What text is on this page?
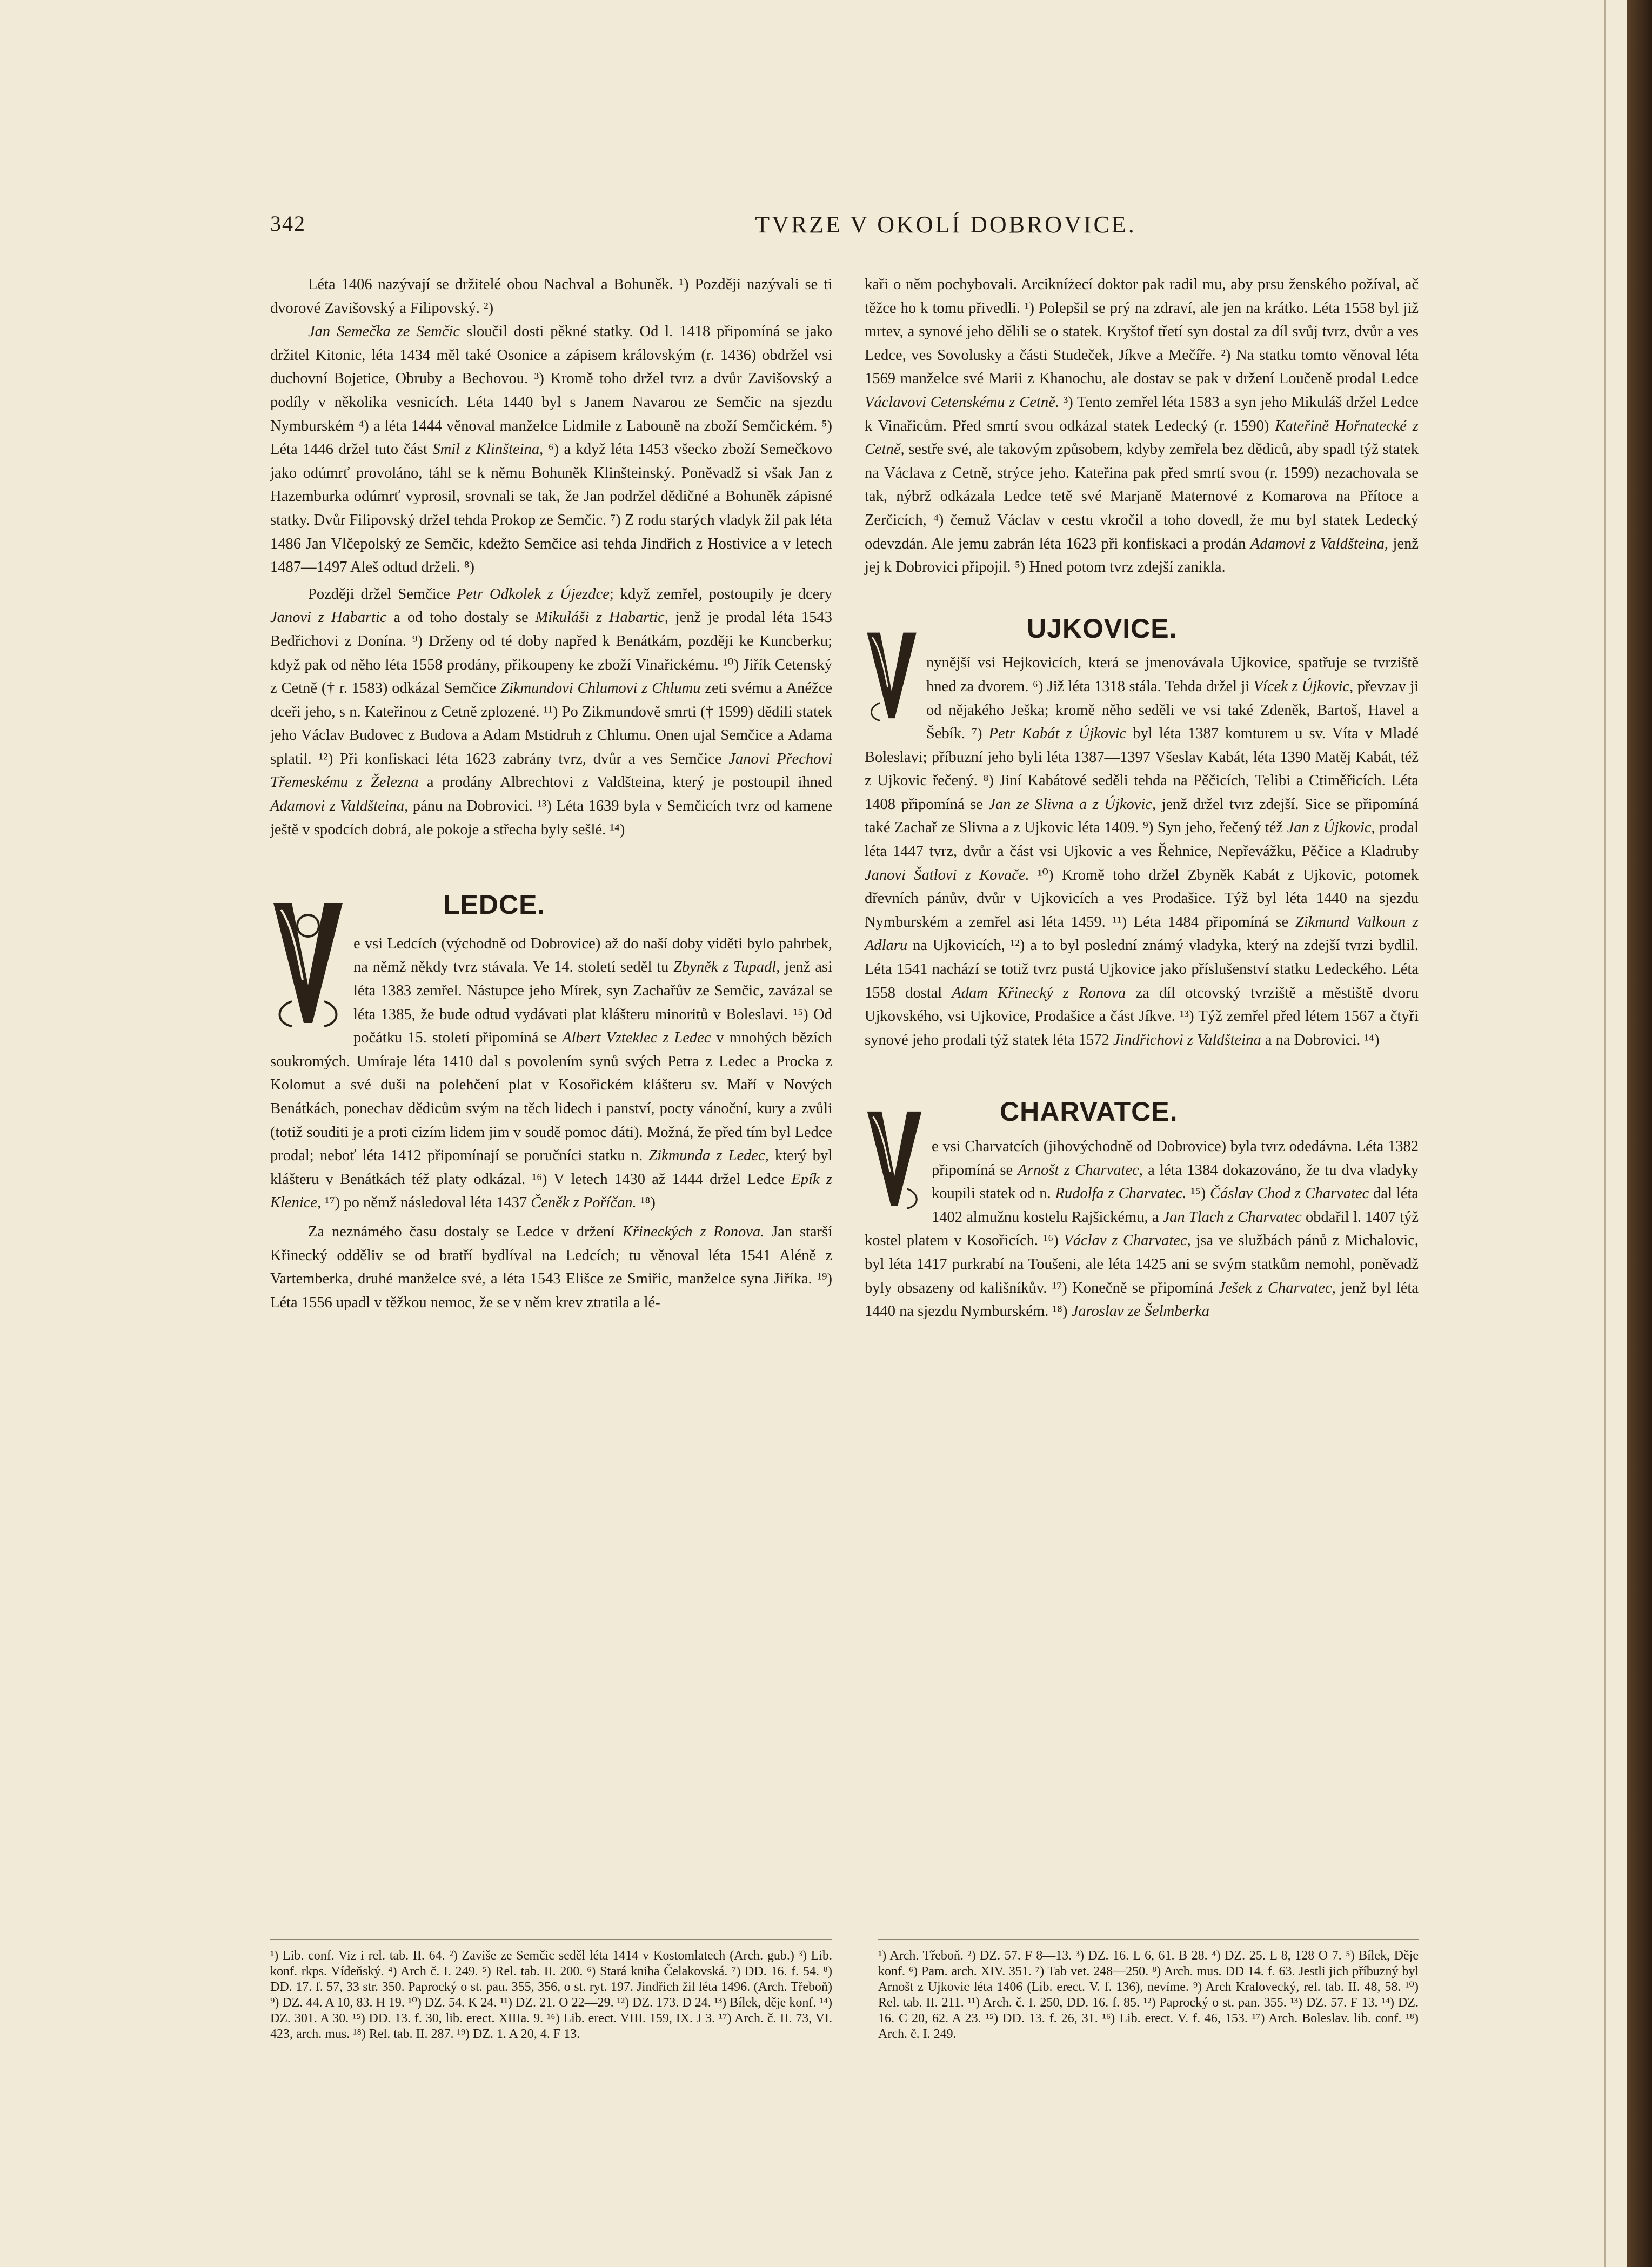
342	TVRZE V OKOLÍ DOBROVICE.

Léta 1406 nazývají se držitelé obou Nachval a Bohuněk. ¹) Později nazývali se ti dvorové Zavišovský a Filipovský. ²)

Jan Semečka ze Semčic sloučil dosti pěkné statky. Od l. 1418 připomíná se jako držitel Kitonic, léta 1434 měl také Osonice a zápisem královským (r. 1436) obdržel vsi duchovní Bojetice, Obruby a Bechovou. ³) Kromě toho držel tvrz a dvůr Zavišovský a podíly v několika vesnicích. Léta 1440 byl s Janem Navarou ze Semčic na sjezdu Nymburském ⁴) a léta 1444 věnoval manželce Lidmile z Labouně na zboží Semčickém. ⁵) Léta 1446 držel tuto část Smil z Klinšteina, ⁶) a když léta 1453 všecko zboží Semečkovo jako odúmrť provoláno, táhl se k němu Bohuněk Klinšteinský. Poněvadž si však Jan z Hazemburka odúmrť vyprosil, srovnali se tak, že Jan podržel dědičné a Bohuněk zápisné statky. Dvůr Filipovský držel tehda Prokop ze Semčic. ⁷) Z rodu starých vladyk žil pak léta 1486 Jan Vlčepolský ze Semčic, kdežto Semčice asi tehda Jindřich z Hostivice a v letech 1487—1497 Aleš odtud drželi. ⁸)

Později držel Semčice Petr Odkolek z Újezdce; když zemřel, postoupily je dcery Janovi z Habartic a od toho dostaly se Mikuláši z Habartic, jenž je prodal léta 1543 Bedřichovi z Donína. ⁹) Drženy od té doby napřed k Benátkám, později ke Kuncberku; když pak od něho léta 1558 prodány, přikoupeny ke zboží Vinařickému. ¹⁰) Jiřík Cetenský z Cetně († r. 1583) odkázal Semčice Zikmundovi Chlumovi z Chlumu zeti svému a Anéžce dceři jeho, s n. Kateřinou z Cetně zplozené. ¹¹) Po Zikmundově smrti († 1599) dědili statek jeho Václav Budovec z Budova a Adam Mstidruh z Chlumu. Onen ujal Semčice a Adama splatil. ¹²) Při konfiskaci léta 1623 zabrány tvrz, dvůr a ves Semčice Janovi Přechovi Třemeskému z Železna a prodány Albrechtovi z Valdšteina, který je postoupil ihned Adamovi z Valdšteina, pánu na Dobrovici. ¹³) Léta 1639 byla v Semčicích tvrz od kamene ještě v spodcích dobrá, ale pokoje a střecha byly sešlé. ¹⁴)

LEDCE.

e vsi Ledcích (východně od Dobrovice) až do naší doby viděti bylo pahrbek, na němž někdy tvrz stávala. Ve 14. století seděl tu Zbyněk z Tupadl, jenž asi léta 1383 zemřel. Nástupce jeho Mírek, syn Zachařův ze Semčic, zavázal se léta 1385, že bude odtud vydávati plat klášteru minoritů v Boleslavi. ¹⁵) Od počátku 15. století připomíná se Albert Vzteklec z Ledec v mnohých bězích soukromých. Umíraje léta 1410 dal s povolením synů svých Petra z Ledec a Procka z Kolomut a své duši na polehčení plat v Kosořickém klášteru sv. Maří v Nových Benátkách, ponechav dědicům svým na těch lidech i panství, pocty vánoční, kury a zvůli (totiž souditi je a proti cizím lidem jim v soudě pomoc dáti). Možná, že před tím byl Ledce prodal; neboť léta 1412 připomínají se poručníci statku n. Zikmunda z Ledec, který byl klášteru v Benátkách též platy odkázal. ¹⁶) V letech 1430 až 1444 držel Ledce Epík z Klenice, ¹⁷) po němž následoval léta 1437 Čeněk z Poříčan. ¹⁸)

Za neznámého času dostaly se Ledce v držení Křineckých z Ronova. Jan starší Křinecký odděliv se od bratří bydlíval na Ledcích; tu věnoval léta 1541 Aléně z Vartemberka, druhé manželce své, a léta 1543 Elišce ze Smiřic, manželce syna Jiříka. ¹⁹) Léta 1556 upadl v těžkou nemoc, že se v něm krev ztratila a lé-

¹) Lib. conf. Viz i rel. tab. II. 64. ²) Zaviše ze Semčic seděl léta 1414 v Kostomlatech (Arch. gub.) ³) Lib. konf. rkps. Vídeňský. ⁴) Arch č. I. 249. ⁵) Rel. tab. II. 200. ⁶) Stará kniha Čelakovská. ⁷) DD. 16. f. 54. ⁸) DD. 17. f. 57, 33 str. 350. Paprocký o st. pau. 355, 356, o st. ryt. 197. Jindřich žil léta 1496. (Arch. Třeboň) ⁹) DZ. 44. A 10, 83. H 19. ¹⁰) DZ. 54. K 24. ¹¹) DZ. 21. O 22—29. ¹²) DZ. 173. D 24. ¹³) Bílek, děje konf. ¹⁴) DZ. 301. A 30. ¹⁵) DD. 13. f. 30, lib. erect. XIIIa. 9. ¹⁶) Lib. erect. VIII. 159, IX. J 3. ¹⁷) Arch. č. II. 73, VI. 423, arch. mus. ¹⁸) Rel. tab. II. 287. ¹⁹) DZ. 1. A 20, 4. F 13.

kaři o něm pochybovali. Arcikníżecí doktor pak radil mu, aby prsu ženského požíval, ač těžce ho k tomu přivedli. ¹) Polepšil se prý na zdraví, ale jen na krátko. Léta 1558 byl již mrtev, a synové jeho dělili se o statek. Kryštof třetí syn dostal za díl svůj tvrz, dvůr a ves Ledce, ves Sovolusky a části Studeček, Jíkve a Mečíře. ²) Na statku tomto věnoval léta 1569 manželce své Marii z Khanochu, ale dostav se pak v držení Loučeně prodal Ledce Václavovi Cetenskému z Cetně. ³) Tento zemřel léta 1583 a syn jeho Mikuláš držel Ledce k Vinařicům. Před smrtí svou odkázal statek Ledecký (r. 1590) Kateřině Hořnatecké z Cetně, sestře své, ale takovým způsobem, kdyby zemřela bez dědiců, aby spadl týž statek na Václava z Cetně, strýce jeho. Kateřina pak před smrtí svou (r. 1599) nezachovala se tak, nýbrž odkázala Ledce tetě své Marjaně Maternové z Komarova na Přítoce a Zerčicích, ⁴) čemuž Václav v cestu vkročil a toho dovedl, že mu byl statek Ledecký odevzdán. Ale jemu zabrán léta 1623 při konfiskaci a prodán Adamovi z Valdšteina, jenž jej k Dobrovici připojil. ⁵) Hned potom tvrz zdejší zanikla.

UJKOVICE.

nynější vsi Hejkovicích, která se jmenovávala Ujkovice, spatřuje se tvrziště hned za dvorem. ⁶) Již léta 1318 stála. Tehda držel ji Vícek z Újkovic, převzav ji od nějakého Ješka; kromě něho seděli ve vsi také Zdeněk, Bartoš, Havel a Šebík. ⁷) Petr Kabát z Újkovic byl léta 1387 komturem u sv. Víta v Mladé Boleslavi; příbuzní jeho byli léta 1387—1397 Všeslav Kabát, léta 1390 Matěj Kabát, též z Ujkovic řečený. ⁸) Jiní Kabátové seděli tehda na Pěčicích, Telibi a Ctiměřicích. Léta 1408 připomíná se Jan ze Slivna a z Újkovic, jenž držel tvrz zdejší. Sice se připomíná také Zachař ze Slivna a z Ujkovic léta 1409. ⁹) Syn jeho, řečený též Jan z Újkovic, prodal léta 1447 tvrz, dvůr a část vsi Ujkovic a ves Řehnice, Nepřevážku, Pěčice a Kladruby Janovi Šatlovi z Kovače. ¹⁰) Kromě toho držel Zbyněk Kabát z Ujkovic, potomek dřevních pánův, dvůr v Ujkovicích a ves Prodašice. Týž byl léta 1440 na sjezdu Nymburském a zemřel asi léta 1459. ¹¹) Léta 1484 připomíná se Zikmund Valkoun z Adlaru na Ujkovicích, ¹²) a to byl poslední známý vladyka, který na zdejší tvrzi bydlil. Léta 1541 nachází se totiž tvrz pustá Ujkovice jako příslušenství statku Ledeckého. Léta 1558 dostal Adam Křinecký z Ronova za díl otcovský tvrziště a městiště dvoru Ujkovského, vsi Ujkovice, Prodašice a část Jíkve. ¹³) Týž zemřel před létem 1567 a čtyři synové jeho prodali týž statek léta 1572 Jindřichovi z Valdšteina a na Dobrovici. ¹⁴)

CHARVATCE.

e vsi Charvatcích (jihovýchodně od Dobrovice) byla tvrz odedávna. Léta 1382 připomíná se Arnošt z Charvatec, a léta 1384 dokazováno, že tu dva vladyky koupili statek od n. Rudolfa z Charvatec. ¹⁵) Čáslav Chod z Charvatec dal léta 1402 almužnu kostelu Rajšickému, a Jan Tlach z Charvatec obdařil l. 1407 týž kostel platem v Kosořicích. ¹⁶) Václav z Charvatec, jsa ve službách pánů z Michalovic, byl léta 1417 purkrabí na Toušeni, ale léta 1425 ani se svým statkům nemohl, poněvadž byly obsazeny od kališníkův. ¹⁷) Konečně se připomíná Ješek z Charvatec, jenž byl léta 1440 na sjezdu Nymburském. ¹⁸) Jaroslav ze Šelmberka

¹) Arch. Třeboň. ²) DZ. 57. F 8—13. ³) DZ. 16. L 6, 61. B 28. ⁴) DZ. 25. L 8, 128 O 7. ⁵) Bílek, Děje konf. ⁶) Pam. arch. XIV. 351. ⁷) Tab vet. 248—250. ⁸) Arch. mus. DD 14. f. 63. Jestli jich příbuzný byl Arnošt z Ujkovic léta 1406 (Lib. erect. V. f. 136), nevíme. ⁹) Arch Kralovecký, rel. tab. II. 48, 58. ¹⁰) Rel. tab. II. 211. ¹¹) Arch. č. I. 250, DD. 16. f. 85. ¹²) Paprocký o st. pan. 355. ¹³) DZ. 57. F 13. ¹⁴) DZ. 16. C 20, 62. A 23. ¹⁵) DD. 13. f. 26, 31. ¹⁶) Lib. erect. V. f. 46, 153. ¹⁷) Arch. Boleslav. lib. conf. ¹⁸) Arch. č. I. 249.
